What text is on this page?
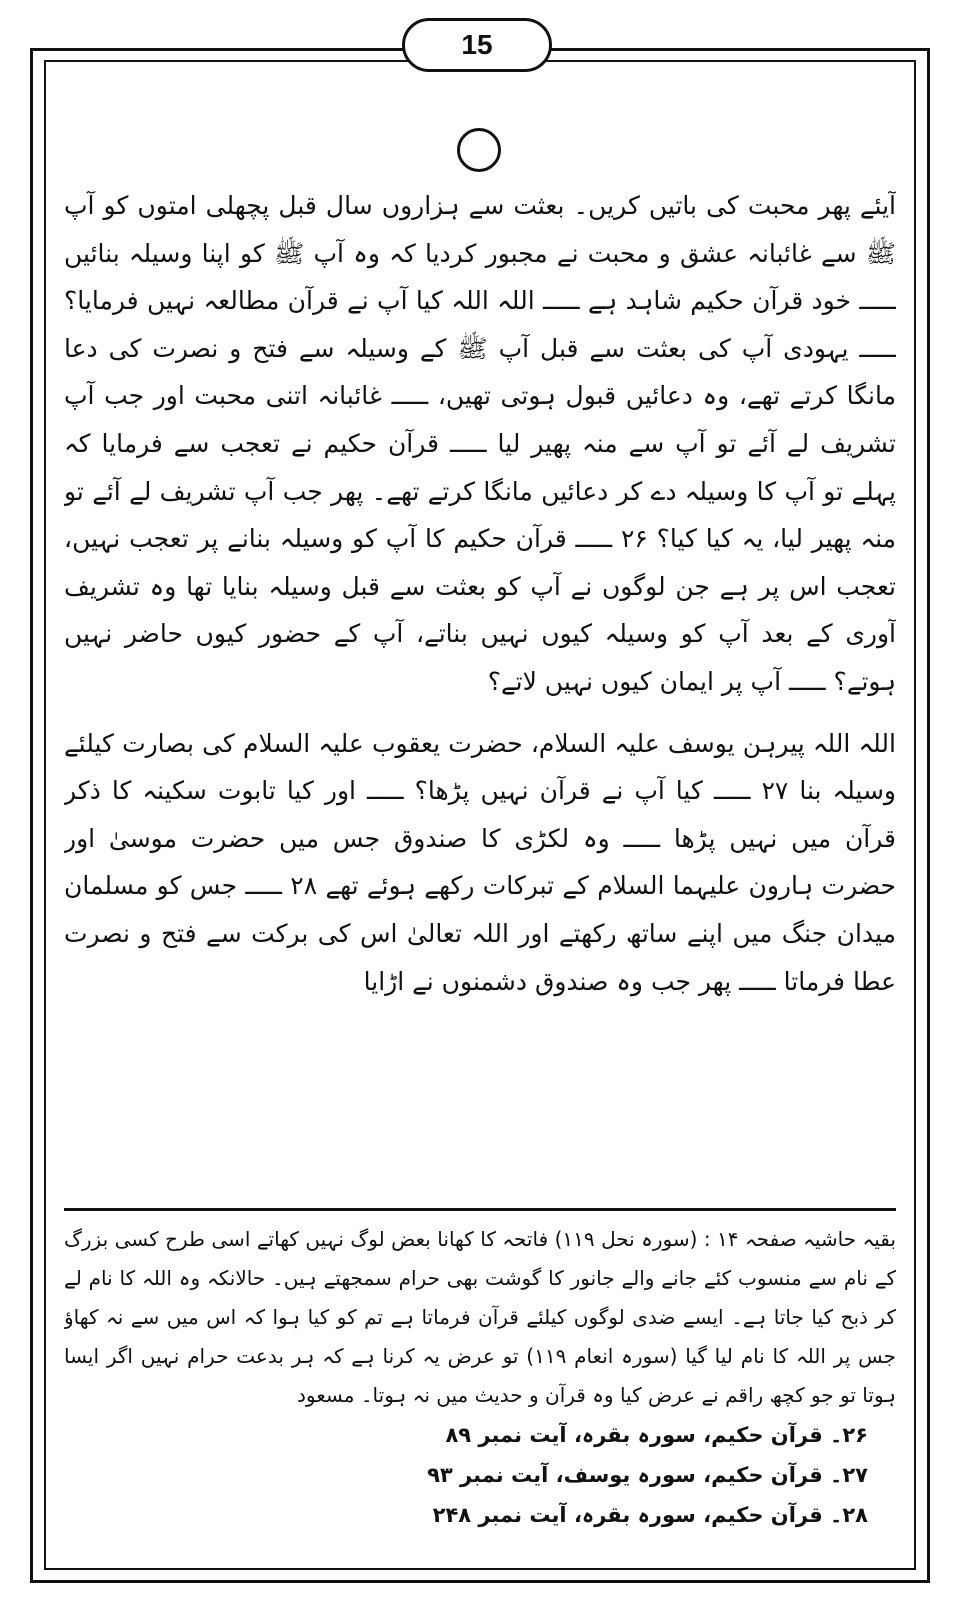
15

آیئے پھر محبت کی باتیں کریں۔ بعثت سے ہزاروں سال قبل پچھلی امتوں کو آپ ﷺ سے غائبانہ عشق و محبت نے مجبور کردیا کہ وہ آپ ﷺ کو اپنا وسیلہ بنائیں ـــــ خود قرآن حکیم شاہد ہے ـــــ اللہ اللہ کیا آپ نے قرآن مطالعہ نہیں فرمایا؟ ـــــ یہودی آپ کی بعثت سے قبل آپ ﷺ کے وسیلہ سے فتح و نصرت کی دعا مانگا کرتے تھے، وہ دعائیں قبول ہوتی تھیں، ـــــ غائبانہ اتنی محبت اور جب آپ تشریف لے آئے تو آپ سے منہ پھیر لیا ـــــ قرآن حکیم نے تعجب سے فرمایا کہ پہلے تو آپ کا وسیلہ دے کر دعائیں مانگا کرتے تھے۔ پھر جب آپ تشریف لے آئے تو منہ پھیر لیا، یہ کیا کیا؟ ۲۶ ـــــ قرآن حکیم کا آپ کو وسیلہ بنانے پر تعجب نہیں، تعجب اس پر ہے جن لوگوں نے آپ کو بعثت سے قبل وسیلہ بنایا تھا وہ تشریف آوری کے بعد آپ کو وسیلہ کیوں نہیں بناتے، آپ کے حضور کیوں حاضر نہیں ہوتے؟ ـــــ آپ پر ایمان کیوں نہیں لاتے؟

اللہ اللہ پیرہن یوسف علیہ السلام، حضرت یعقوب علیہ السلام کی بصارت کیلئے وسیلہ بنا ۲۷ ـــــ کیا آپ نے قرآن نہیں پڑھا؟ ـــــ اور کیا تابوت سکینہ کا ذکر قرآن میں نہیں پڑھا ـــــ وہ لکڑی کا صندوق جس میں حضرت موسیٰ اور حضرت ہارون علیہما السلام کے تبرکات رکھے ہوئے تھے ۲۸ ـــــ جس کو مسلمان میدان جنگ میں اپنے ساتھ رکھتے اور اللہ تعالیٰ اس کی برکت سے فتح و نصرت عطا فرماتا ـــــ پھر جب وہ صندوق دشمنوں نے اڑایا

بقیہ حاشیہ صفحہ ۱۴ : (سورہ نحل ۱۱۹) فاتحہ کا کھانا بعض لوگ نہیں کھاتے اسی طرح کسی بزرگ کے نام سے منسوب کئے جانے والے جانور کا گوشت بھی حرام سمجھتے ہیں۔ حالانکہ وہ اللہ کا نام لے کر ذبح کیا جاتا ہے۔ ایسے ضدی لوگوں کیلئے قرآن فرماتا ہے تم کو کیا ہوا کہ اس میں سے نہ کھاؤ جس پر اللہ کا نام لیا گیا (سورہ انعام ۱۱۹) تو عرض یہ کرنا ہے کہ ہر بدعت حرام نہیں اگر ایسا ہوتا تو جو کچھ راقم نے عرض کیا وہ قرآن و حدیث میں نہ ہوتا۔ مسعود

۲۶۔ قرآن حکیم، سورہ بقرہ، آیت نمبر ۸۹
۲۷۔ قرآن حکیم، سورہ یوسف، آیت نمبر ۹۳
۲۸۔ قرآن حکیم، سورہ بقرہ، آیت نمبر ۲۴۸
